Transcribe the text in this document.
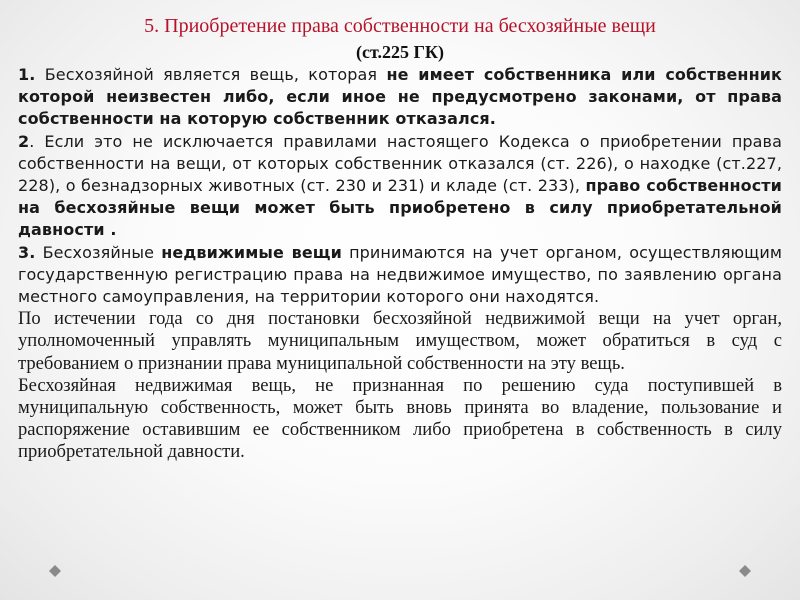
5. Приобретение права собственности на бесхозяйные вещи
(ст.225 ГК)

1. Бесхозяйной является вещь, которая не имеет собственника или собственник которой неизвестен либо, если иное не предусмотрено законами, от права собственности на которую собственник отказался.

2. Если это не исключается правилами настоящего Кодекса о приобретении права собственности на вещи, от которых собственник отказался (ст. 226), о находке (ст.227, 228), о безнадзорных животных (ст. 230 и 231) и кладе (ст. 233), право собственности на бесхозяйные вещи может быть приобретено в силу приобретательной давности .

3. Бесхозяйные недвижимые вещи принимаются на учет органом, осуществляющим государственную регистрацию права на недвижимое имущество, по заявлению органа местного самоуправления, на территории которого они находятся.

По истечении года со дня постановки бесхозяйной недвижимой вещи на учет орган, уполномоченный управлять муниципальным имуществом, может обратиться в суд с требованием о признании права муниципальной собственности на эту вещь.

Бесхозяйная недвижимая вещь, не признанная по решению суда поступившей в муниципальную собственность, может быть вновь принята во владение, пользование и распоряжение оставившим ее собственником либо приобретена в собственность в силу приобретательной давности.
